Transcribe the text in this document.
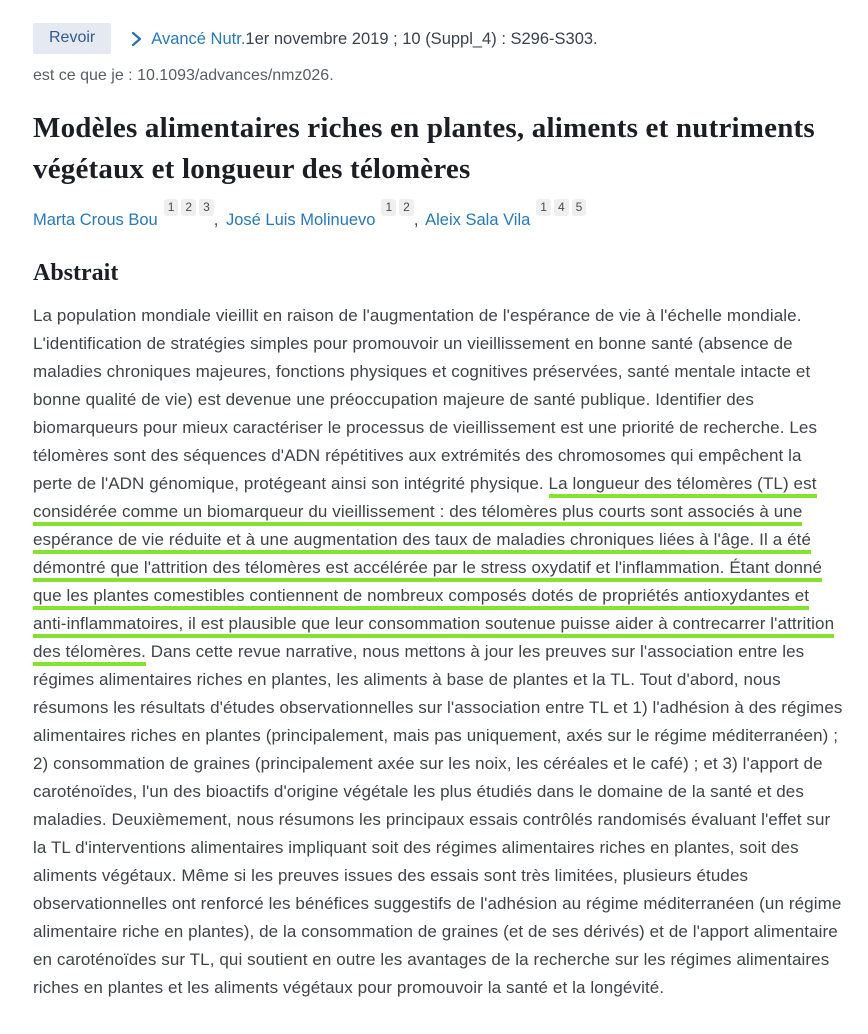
Revoir	Avancé Nutr.1er novembre 2019 ; 10 (Suppl_4) : S296-S303.
est ce que je : 10.1093/advances/nmz026.
Modèles alimentaires riches en plantes, aliments et nutriments végétaux et longueur des télomères
Marta Crous Bou$^1$ $^2$ $^3$, José Luis Molinuevo$^1$ $^2$, Aleix Sala Vila$^1$ $^4$ $^5$
Abstrait

La population mondiale vieillit en raison de l'augmentation de l'espérance de vie à l'échelle mondiale. L'identification de stratégies simples pour promouvoir un vieillissement en bonne santé (absence de maladies chroniques majeures, fonctions physiques et cognitives préservées, santé mentale intacte et bonne qualité de vie) est devenue une préoccupation majeure de santé publique. Identifier des biomarqueurs pour mieux caractériser le processus de vieillissement est une priorité de recherche. Les télomères sont des séquences d'ADN répétitives aux extrémités des chromosomes qui empêchent la perte de l'ADN génomique, protégeant ainsi son intégrité physique. La longueur des télomères (TL) est considérée comme un biomarqueur du vieillissement : des télomères plus courts sont associés à une espérance de vie réduite et à une augmentation des taux de maladies chroniques liées à l'âge. Il a été démontré que l'attrition des télomères est accélérée par le stress oxydatif et l'inflammation. Étant donné que les plantes comestibles contiennent de nombreux composés dotés de propriétés antioxydantes et anti-inflammatoires, il est plausible que leur consommation soutenue puisse aider à contrecarrer l'attrition des télomères. Dans cette revue narrative, nous mettons à jour les preuves sur l'association entre les régimes alimentaires riches en plantes, les aliments à base de plantes et la TL. Tout d'abord, nous résumons les résultats d'études observationnelles sur l'association entre TL et 1) l'adhésion à des régimes alimentaires riches en plantes (principalement, mais pas uniquement, axés sur le régime méditerranéen) ; 2) consommation de graines (principalement axée sur les noix, les céréales et le café) ; et 3) l'apport de caroténoïdes, l'un des bioactifs d'origine végétale les plus étudiés dans le domaine de la santé et des maladies. Deuxièmement, nous résumons les principaux essais contrôlés randomisés évaluant l'effet sur la TL d'interventions alimentaires impliquant soit des régimes alimentaires riches en plantes, soit des aliments végétaux. Même si les preuves issues des essais sont très limitées, plusieurs études observationnelles ont renforcé les bénéfices suggestifs de l'adhésion au régime méditerranéen (un régime alimentaire riche en plantes), de la consommation de graines (et de ses dérivés) et de l'apport alimentaire en caroténoïdes sur TL, qui soutient en outre les avantages de la recherche sur les régimes alimentaires riches en plantes et les aliments végétaux pour promouvoir la santé et la longévité.
